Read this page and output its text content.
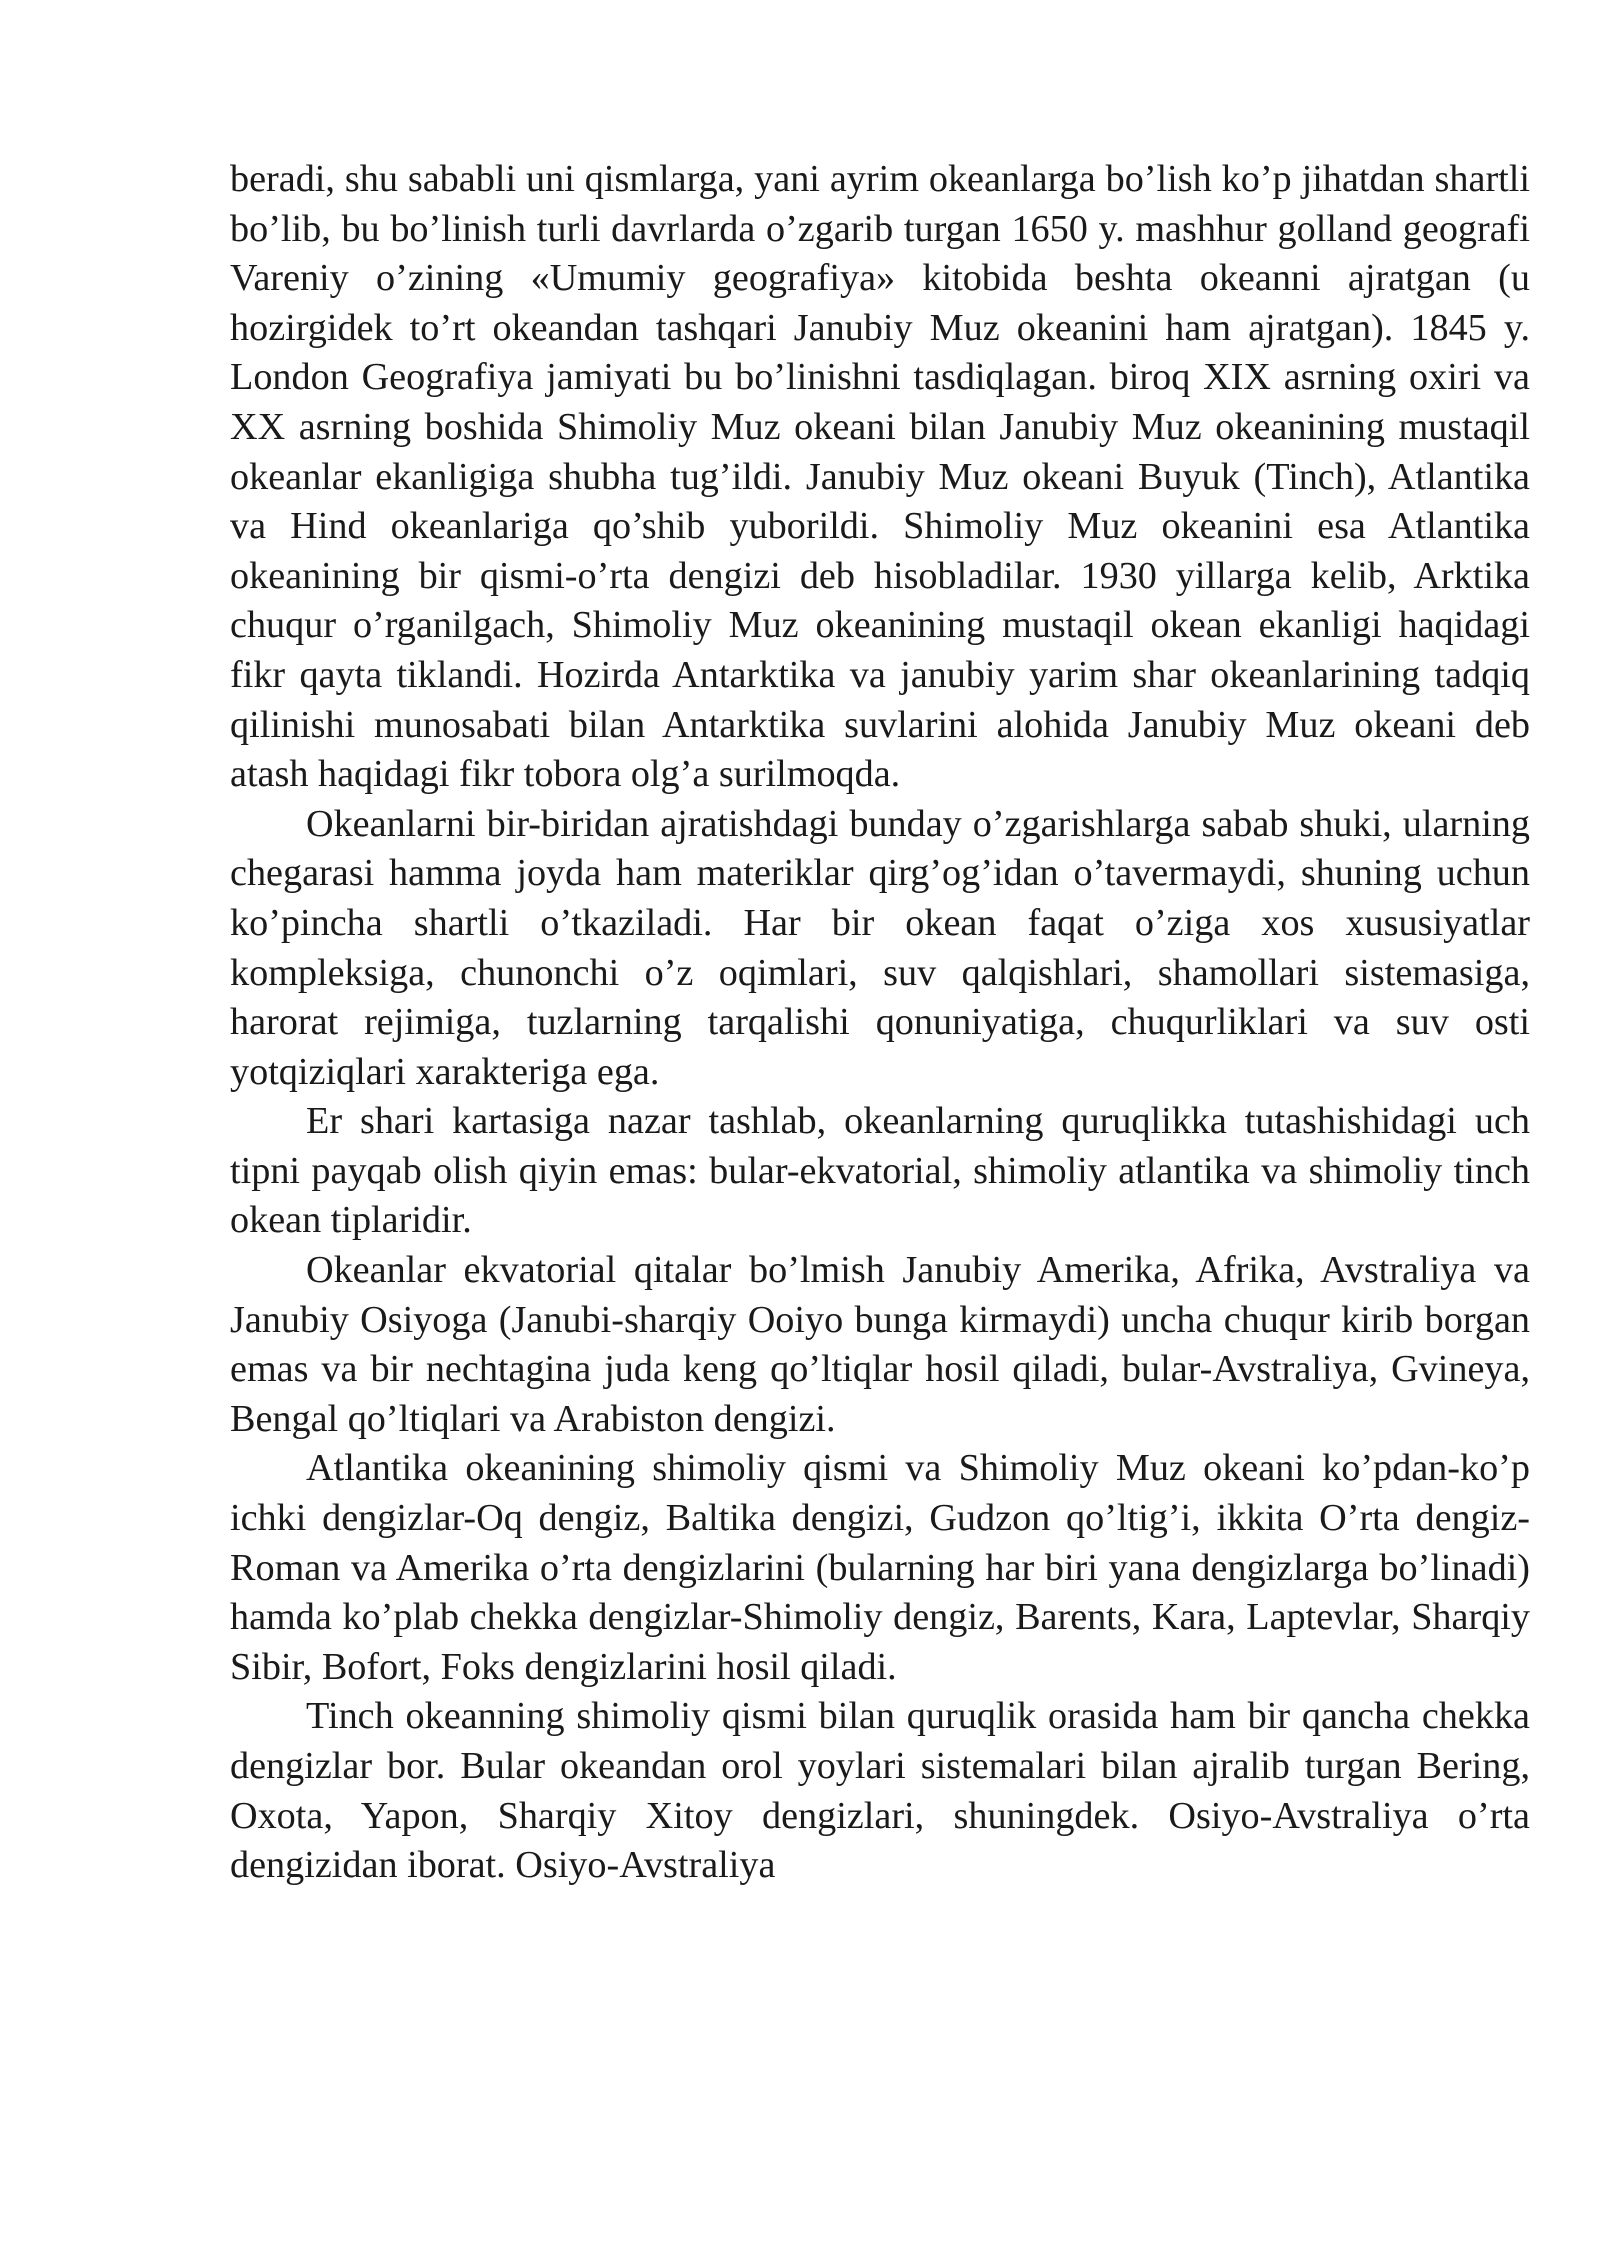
beradi, shu sababli uni qismlarga, yani ayrim okeanlarga bo’lish ko’p jihatdan shartli bo’lib, bu bo’linish turli davrlarda o’zgarib turgan 1650 y. mashhur golland geografi Vareniy o’zining «Umumiy geografiya» kitobida beshta okeanni ajratgan (u hozirgidek to’rt okeandan tashqari Janubiy Muz okeanini ham ajratgan). 1845 y. London Geografiya jamiyati bu bo’linishni tasdiqlagan. biroq XIX asrning oxiri va XX asrning boshida Shimoliy Muz okeani bilan Janubiy Muz okeanining mustaqil okeanlar ekanligiga shubha tug’ildi. Janubiy Muz okeani Buyuk (Tinch), Atlantika va Hind okeanlariga qo’shib yuborildi. Shimoliy Muz okeanini esa Atlantika okeanining bir qismi-o’rta dengizi deb hisobladilar. 1930 yillarga kelib, Arktika chuqur o’rganilgach, Shimoliy Muz okeanining mustaqil okean ekanligi haqidagi fikr qayta tiklandi. Hozirda Antarktika va janubiy yarim shar okeanlarining tadqiq qilinishi munosabati bilan Antarktika suvlarini alohida Janubiy Muz okeani deb atash haqidagi fikr tobora olg’a surilmoqda.

Okeanlarni bir-biridan ajratishdagi bunday o’zgarishlarga sabab shuki, ularning chegarasi hamma joyda ham materiklar qirg’og’idan o’tavermaydi, shuning uchun ko’pincha shartli o’tkaziladi. Har bir okean faqat o’ziga xos xususiyatlar kompleksiga, chunonchi o’z oqimlari, suv qalqishlari, shamollari sistemasiga, harorat rejimiga, tuzlarning tarqalishi qonuniyatiga, chuqurliklari va suv osti yotqiziqlari xarakteriga ega.

Er shari kartasiga nazar tashlab, okeanlarning quruqlikka tutashishidagi uch tipni payqab olish qiyin emas: bular-ekvatorial, shimoliy atlantika va shimoliy tinch okean tiplaridir.

Okeanlar ekvatorial qitalar bo’lmish Janubiy Amerika, Afrika, Avstraliya va Janubiy Osiyoga (Janubi-sharqiy Ooiyo bunga kirmaydi) uncha chuqur kirib borgan emas va bir nechtagina juda keng qo’ltiqlar hosil qiladi, bular-Avstraliya, Gvineya, Bengal qo’ltiqlari va Arabiston dengizi.

Atlantika okeanining shimoliy qismi va Shimoliy Muz okeani ko’pdan-ko’p ichki dengizlar-Oq dengiz, Baltika dengizi, Gudzon qo’ltig’i, ikkita O’rta dengiz-Roman va Amerika o’rta dengizlarini (bularning har biri yana dengizlarga bo’linadi) hamda ko’plab chekka dengizlar-Shimoliy dengiz, Barents, Kara, Laptevlar, Sharqiy Sibir, Bofort, Foks dengizlarini hosil qiladi.

Tinch okeanning shimoliy qismi bilan quruqlik orasida ham bir qancha chekka dengizlar bor. Bular okeandan orol yoylari sistemalari bilan ajralib turgan Bering, Oxota, Yapon, Sharqiy Xitoy dengizlari, shuningdek. Osiyo-Avstraliya o’rta dengizidan iborat. Osiyo-Avstraliya
